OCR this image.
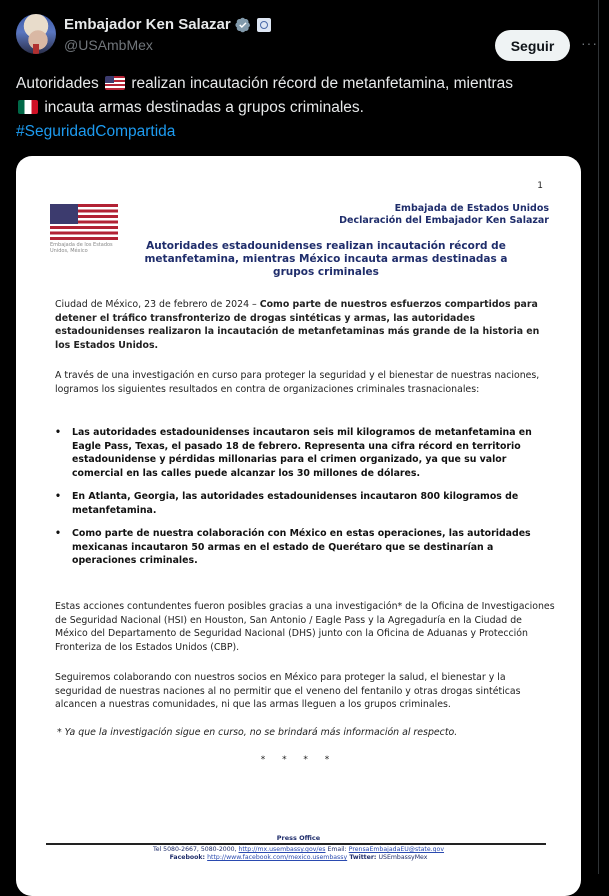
Embajador Ken Salazar
@USAmbMex	Seguir	···
Autoridades realizan incautación récord de metanfetamina, mientras
incauta armas destinadas a grupos criminales.
#SeguridadCompartida
1
Embajada de los Estados Unidos, México
Embajada de Estados Unidos
Declaración del Embajador Ken Salazar
Autoridades estadounidenses realizan incautación récord de metanfetamina, mientras México incauta armas destinadas a grupos criminales
Ciudad de México, 23 de febrero de 2024 – Como parte de nuestros esfuerzos compartidos para detener el tráfico transfronterizo de drogas sintéticas y armas, las autoridades estadounidenses realizaron la incautación de metanfetaminas más grande de la historia en los Estados Unidos.
A través de una investigación en curso para proteger la seguridad y el bienestar de nuestras naciones, logramos los siguientes resultados en contra de organizaciones criminales trasnacionales:
• Las autoridades estadounidenses incautaron seis mil kilogramos de metanfetamina en Eagle Pass, Texas, el pasado 18 de febrero. Representa una cifra récord en territorio estadounidense y pérdidas millonarias para el crimen organizado, ya que su valor comercial en las calles puede alcanzar los 30 millones de dólares.
• En Atlanta, Georgia, las autoridades estadounidenses incautaron 800 kilogramos de metanfetamina.
• Como parte de nuestra colaboración con México en estas operaciones, las autoridades mexicanas incautaron 50 armas en el estado de Querétaro que se destinarían a operaciones criminales.
Estas acciones contundentes fueron posibles gracias a una investigación* de la Oficina de Investigaciones de Seguridad Nacional (HSI) en Houston, San Antonio / Eagle Pass y la Agregaduría en la Ciudad de México del Departamento de Seguridad Nacional (DHS) junto con la Oficina de Aduanas y Protección Fronteriza de los Estados Unidos (CBP).
Seguiremos colaborando con nuestros socios en México para proteger la salud, el bienestar y la seguridad de nuestras naciones al no permitir que el veneno del fentanilo y otras drogas sintéticas alcancen a nuestras comunidades, ni que las armas lleguen a los grupos criminales.
* Ya que la investigación sigue en curso, no se brindará más información al respecto.
* * * *
Press Office
Tel 5080-2667, 5080-2000, http://mx.usembassy.gov/es Email: PrensaEmbajadaEU@state.gov
Facebook: http://www.facebook.com/mexico.usembassy Twitter: USEmbassyMex
